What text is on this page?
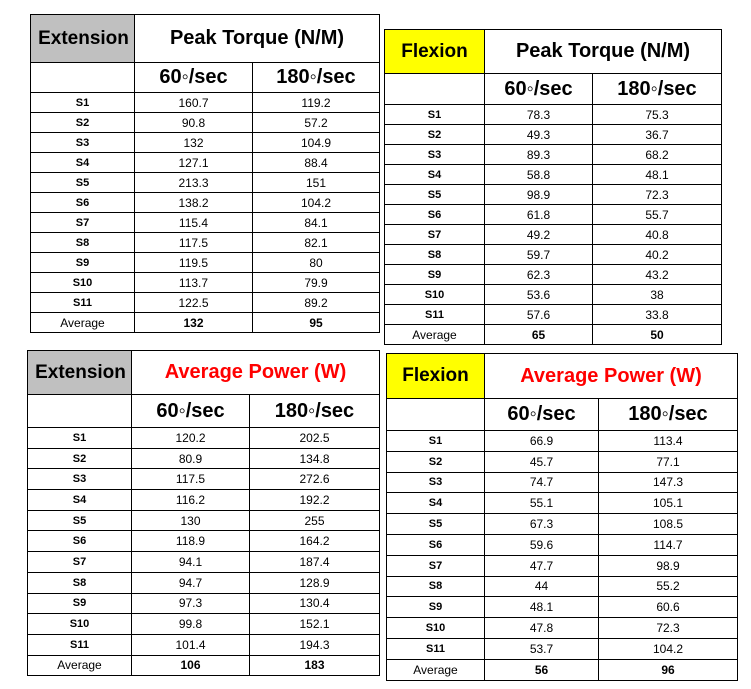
Extension	Peak Torque (N/M)	
	60◦/sec	180◦/sec
S1	160.7	119.2
S2	90.8	57.2
S3	132	104.9
S4	127.1	88.4
S5	213.3	151
S6	138.2	104.2
S7	115.4	84.1
S8	117.5	82.1
S9	119.5	80
S10	113.7	79.9
S11	122.5	89.2
Average	132	95
Flexion	Peak Torque (N/M)	
	60◦/sec	180◦/sec
S1	78.3	75.3
S2	49.3	36.7
S3	89.3	68.2
S4	58.8	48.1
S5	98.9	72.3
S6	61.8	55.7
S7	49.2	40.8
S8	59.7	40.2
S9	62.3	43.2
S10	53.6	38
S11	57.6	33.8
Average	65	50
Extension	Average Power (W)	
	60◦/sec	180◦/sec
S1	120.2	202.5
S2	80.9	134.8
S3	117.5	272.6
S4	116.2	192.2
S5	130	255
S6	118.9	164.2
S7	94.1	187.4
S8	94.7	128.9
S9	97.3	130.4
S10	99.8	152.1
S11	101.4	194.3
Average	106	183
Flexion	Average Power (W)	
	60◦/sec	180◦/sec
S1	66.9	113.4
S2	45.7	77.1
S3	74.7	147.3
S4	55.1	105.1
S5	67.3	108.5
S6	59.6	114.7
S7	47.7	98.9
S8	44	55.2
S9	48.1	60.6
S10	47.8	72.3
S11	53.7	104.2
Average	56	96
